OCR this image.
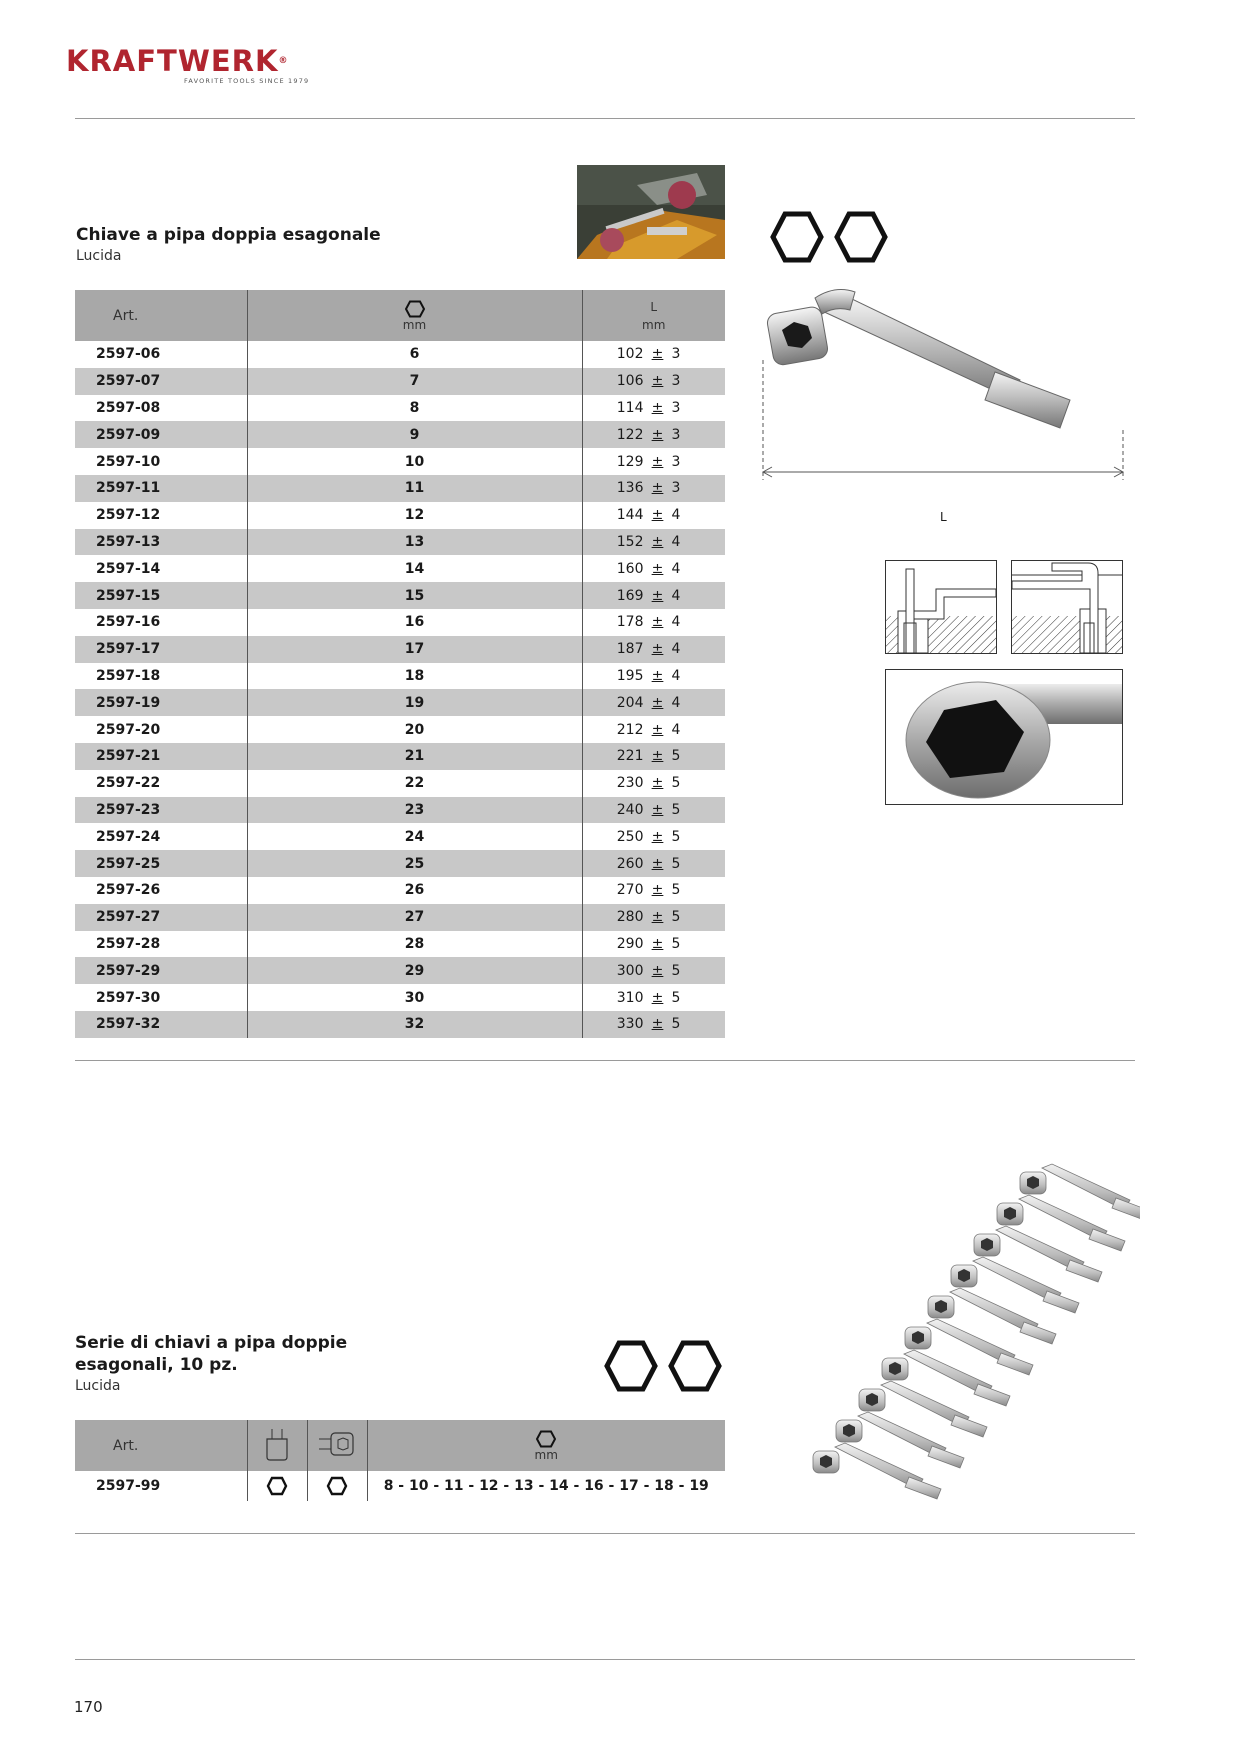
KRAFTWERK®
FAVORITE TOOLS SINCE 1979
Chiave a pipa doppia esagonale
Lucida
Art.	mm	L
mm

2597-06	6	102 ± 3
2597-07	7	106 ± 3
2597-08	8	114 ± 3
2597-09	9	122 ± 3
2597-10	10	129 ± 3
2597-11	11	136 ± 3
2597-12	12	144 ± 4
2597-13	13	152 ± 4
2597-14	14	160 ± 4
2597-15	15	169 ± 4
2597-16	16	178 ± 4
2597-17	17	187 ± 4
2597-18	18	195 ± 4
2597-19	19	204 ± 4
2597-20	20	212 ± 4
2597-21	21	221 ± 5
2597-22	22	230 ± 5
2597-23	23	240 ± 5
2597-24	24	250 ± 5
2597-25	25	260 ± 5
2597-26	26	270 ± 5
2597-27	27	280 ± 5
2597-28	28	290 ± 5
2597-29	29	300 ± 5
2597-30	30	310 ± 5
2597-32	32	330 ± 5
L
Serie di chiavi a pipa doppie
esagonali, 10 pz.
Lucida
Art.			mm
2597-99			8 - 10 - 11 - 12 - 13 - 14 - 16 - 17 - 18 - 19
170
